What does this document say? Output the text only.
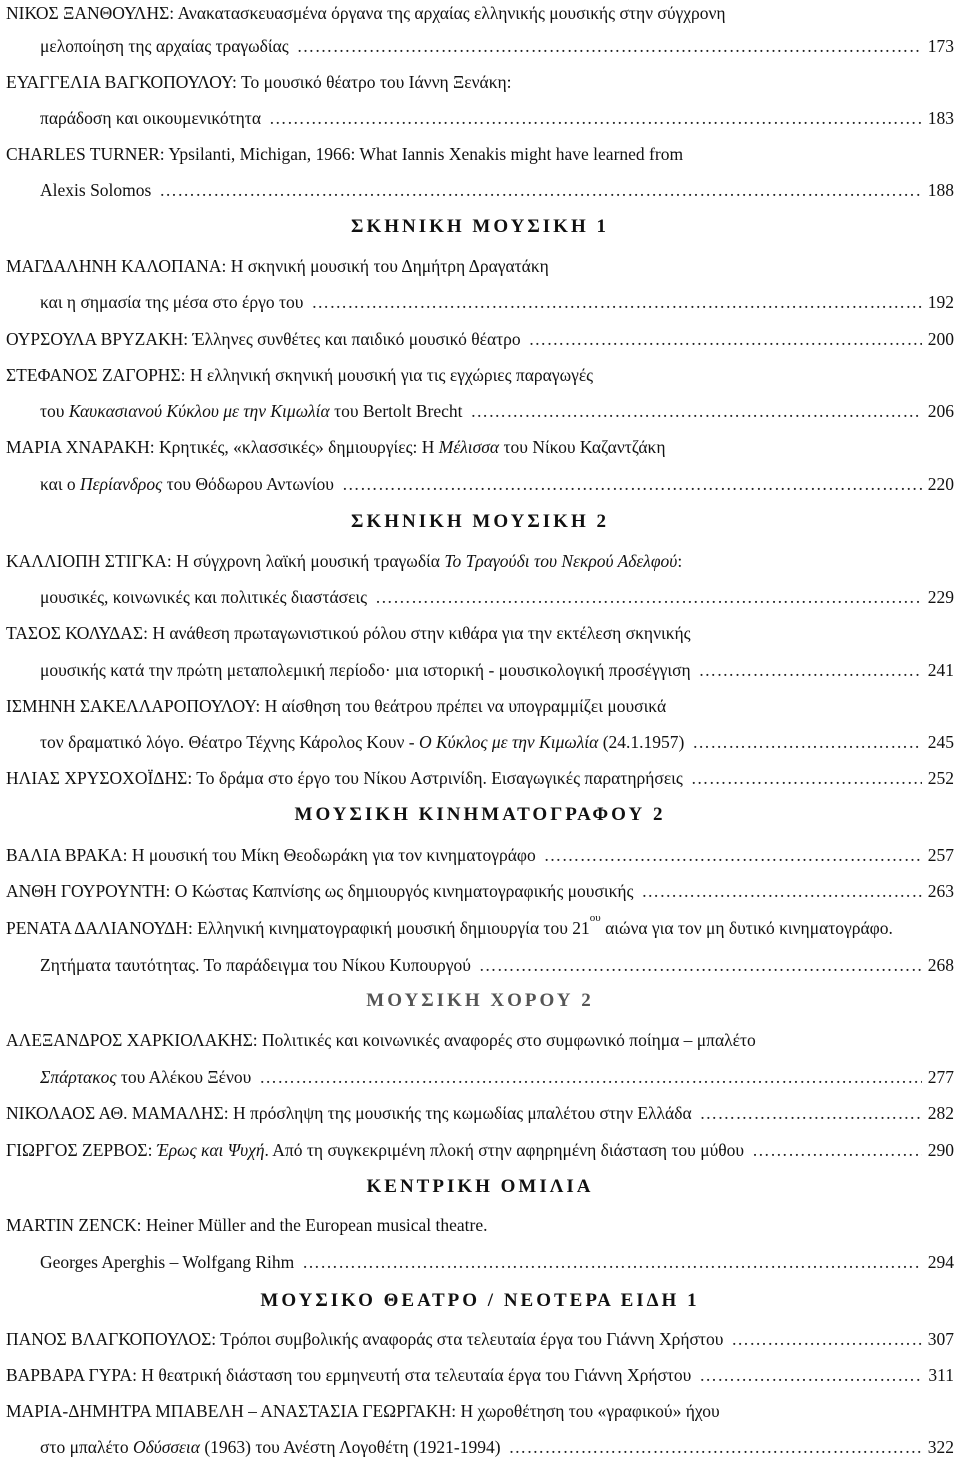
ΝΙΚΟΣ ΞΑΝΘΟΥΛΗΣ: Ανακατασκευασμένα όργανα της αρχαίας ελληνικής μουσικής στην σύγχρονη
μελοποίηση της αρχαίας τραγωδίας ……………………………………………………………………………………………………………………………………………………………………………………………………………………	173
ΕΥΑΓΓΕΛΙΑ ΒΑΓΚΟΠΟΥΛΟΥ: Το μουσικό θέατρο του Ιάννη Ξενάκη:
παράδοση και οικουμενικότητα ……………………………………………………………………………………………………………………………………………………………………………………………………………………	183
CHARLES TURNER: Ypsilanti, Michigan, 1966: What Iannis Xenakis might have learned from
Alexis Solomos ……………………………………………………………………………………………………………………………………………………………………………………………………………………	188
ΣΚΗΝΙΚΗ ΜΟΥΣΙΚΗ 1
ΜΑΓΔΑΛΗΝΗ ΚΑΛΟΠΑΝΑ: Η σκηνική μουσική του Δημήτρη Δραγατάκη
και η σημασία της μέσα στο έργο του ……………………………………………………………………………………………………………………………………………………………………………………………………………………	192
ΟΥΡΣΟΥΛΑ ΒΡΥΖΑΚΗ: Έλληνες συνθέτες και παιδικό μουσικό θέατρο ……………………………………………………………………………………………………………………………………………………………………………………………………………………	200
ΣΤΕΦΑΝΟΣ ΖΑΓΟΡΗΣ: Η ελληνική σκηνική μουσική για τις εγχώριες παραγωγές
του Καυκασιανού Κύκλου με την Κιμωλία του Bertolt Brecht ……………………………………………………………………………………………………………………………………………………………………………………………………………………	206
ΜΑΡΙΑ ΧΝΑΡΑΚΗ: Κρητικές, «κλασσικές» δημιουργίες: Η Μέλισσα του Νίκου Καζαντζάκη
και ο Περίανδρος του Θόδωρου Αντωνίου ……………………………………………………………………………………………………………………………………………………………………………………………………………………	220
ΣΚΗΝΙΚΗ ΜΟΥΣΙΚΗ 2
ΚΑΛΛΙΟΠΗ ΣΤΙΓΚΑ: Η σύγχρονη λαϊκή μουσική τραγωδία Το Τραγούδι του Νεκρού Αδελφού:
μουσικές, κοινωνικές και πολιτικές διαστάσεις ……………………………………………………………………………………………………………………………………………………………………………………………………………………	229
ΤΑΣΟΣ ΚΟΛΥΔΑΣ: Η ανάθεση πρωταγωνιστικού ρόλου στην κιθάρα για την εκτέλεση σκηνικής
μουσικής κατά την πρώτη μεταπολεμική περίοδο· μια ιστορική - μουσικολογική προσέγγιση ……………………………………………………………………………………………………………………………………………………………………………………………………………………	241
ΙΣΜΗΝΗ ΣΑΚΕΛΛΑΡΟΠΟΥΛΟΥ: Η αίσθηση του θεάτρου πρέπει να υπογραμμίζει μουσικά
τον δραματικό λόγο. Θέατρο Τέχνης Κάρολος Κουν - Ο Κύκλος με την Κιμωλία (24.1.1957) ……………………………………………………………………………………………………………………………………………………………………………………………………………………	245
ΗΛΙΑΣ ΧΡΥΣΟΧΟΪΔΗΣ: Το δράμα στο έργο του Νίκου Αστρινίδη. Εισαγωγικές παρατηρήσεις ……………………………………………………………………………………………………………………………………………………………………………………………………………………	252
ΜΟΥΣΙΚΗ ΚΙΝΗΜΑΤΟΓΡΑΦΟΥ 2
ΒΑΛΙΑ ΒΡΑΚΑ: Η μουσική του Μίκη Θεοδωράκη για τον κινηματογράφο ……………………………………………………………………………………………………………………………………………………………………………………………………………………	257
ΑΝΘΗ ΓΟΥΡΟΥΝΤΗ: Ο Κώστας Καπνίσης ως δημιουργός κινηματογραφικής μουσικής ……………………………………………………………………………………………………………………………………………………………………………………………………………………	263
ΡΕΝΑΤΑ ΔΑΛΙΑΝΟΥΔΗ: Ελληνική κινηματογραφική μουσική δημιουργία του $21^{o\upsilon}$ αιώνα για τον μη δυτικό κινηματογράφο.
Ζητήματα ταυτότητας. Το παράδειγμα του Νίκου Κυπουργού ……………………………………………………………………………………………………………………………………………………………………………………………………………………	268
ΜΟΥΣΙΚΗ ΧΟΡΟΥ 2
ΑΛΕΞΑΝΔΡΟΣ ΧΑΡΚΙΟΛΑΚΗΣ: Πολιτικές και κοινωνικές αναφορές στο συμφωνικό ποίημα – μπαλέτο
Σπάρτακος του Αλέκου Ξένου ……………………………………………………………………………………………………………………………………………………………………………………………………………………	277
ΝΙΚΟΛΑΟΣ ΑΘ. ΜΑΜΑΛΗΣ: Η πρόσληψη της μουσικής της κωμωδίας μπαλέτου στην Ελλάδα ……………………………………………………………………………………………………………………………………………………………………………………………………………………	282
ΓΙΩΡΓΟΣ ΖΕΡΒΟΣ: Έρως και Ψυχή. Από τη συγκεκριμένη πλοκή στην αφηρημένη διάσταση του μύθου ……………………………………………………………………………………………………………………………………………………………………………………………………………………	290
ΚΕΝΤΡΙΚΗ ΟΜΙΛΙΑ
MARTIN ZENCK: Heiner Müller and the European musical theatre.
Georges Aperghis – Wolfgang Rihm ……………………………………………………………………………………………………………………………………………………………………………………………………………………	294
ΜΟΥΣΙΚΟ ΘΕΑΤΡΟ / ΝΕΟΤΕΡΑ ΕΙΔΗ 1
ΠΑΝΟΣ ΒΛΑΓΚΟΠΟΥΛΟΣ: Τρόποι συμβολικής αναφοράς στα τελευταία έργα του Γιάννη Χρήστου ……………………………………………………………………………………………………………………………………………………………………………………………………………………	307
ΒΑΡΒΑΡΑ ΓΥΡΑ: Η θεατρική διάσταση του ερμηνευτή στα τελευταία έργα του Γιάννη Χρήστου ……………………………………………………………………………………………………………………………………………………………………………………………………………………	311
ΜΑΡΙΑ-ΔΗΜΗΤΡΑ ΜΠΑΒΕΛΗ – ΑΝΑΣΤΑΣΙΑ ΓΕΩΡΓΑΚΗ: Η χωροθέτηση του «γραφικού» ήχου
στο μπαλέτο Οδύσσεια (1963) του Ανέστη Λογοθέτη (1921-1994) ……………………………………………………………………………………………………………………………………………………………………………………………………………………	322
